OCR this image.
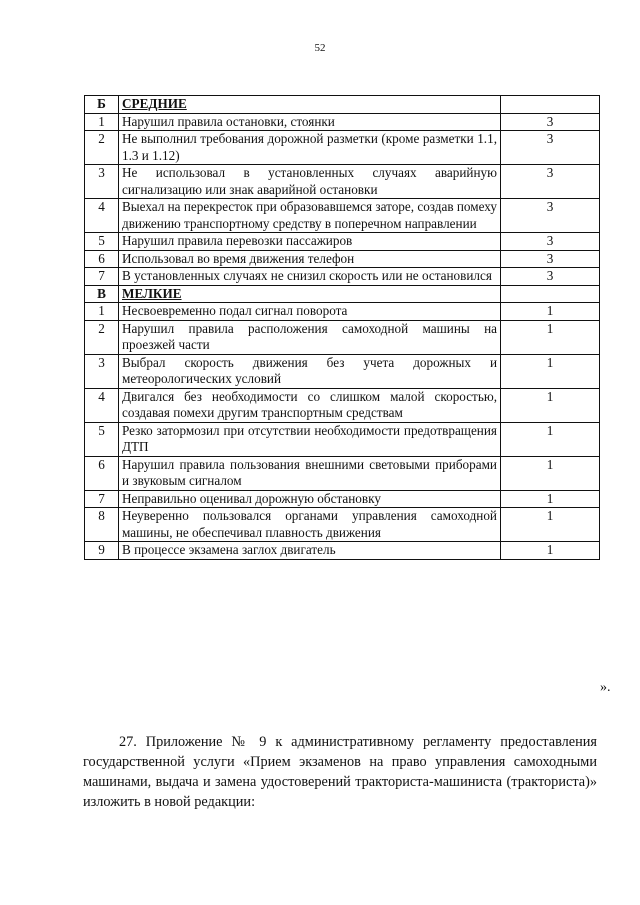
52
Б	СРЕДНИЕ	
1	Нарушил правила остановки, стоянки	3
2	Не выполнил требования дорожной разметки (кроме разметки 1.1, 1.3 и 1.12)	3
3	Не использовал в установленных случаях аварийную сигнализацию или знак аварийной остановки	3
4	Выехал на перекресток при образовавшемся заторе, создав помеху движению транспортному средству в поперечном направлении	3
5	Нарушил правила перевозки пассажиров	3
6	Использовал во время движения телефон	3
7	В установленных случаях не снизил скорость или не остановился	3
В	МЕЛКИЕ	
1	Несвоевременно подал сигнал поворота	1
2	Нарушил правила расположения самоходной машины на проезжей части	1
3	Выбрал скорость движения без учета дорожных и метеорологических условий	1
4	Двигался без необходимости со слишком малой скоростью, создавая помехи другим транспортным средствам	1
5	Резко затормозил при отсутствии необходимости предотвращения ДТП	1
6	Нарушил правила пользования внешними световыми приборами и звуковым сигналом	1
7	Неправильно оценивал дорожную обстановку	1
8	Неуверенно пользовался органами управления самоходной машины, не обеспечивал плавность движения	1
9	В процессе экзамена заглох двигатель	1
».

27. Приложение № 9 к административному регламенту предоставления государственной услуги «Прием экзаменов на право управления самоходными машинами, выдача и замена удостоверений тракториста-машиниста (тракториста)» изложить в новой редакции:
